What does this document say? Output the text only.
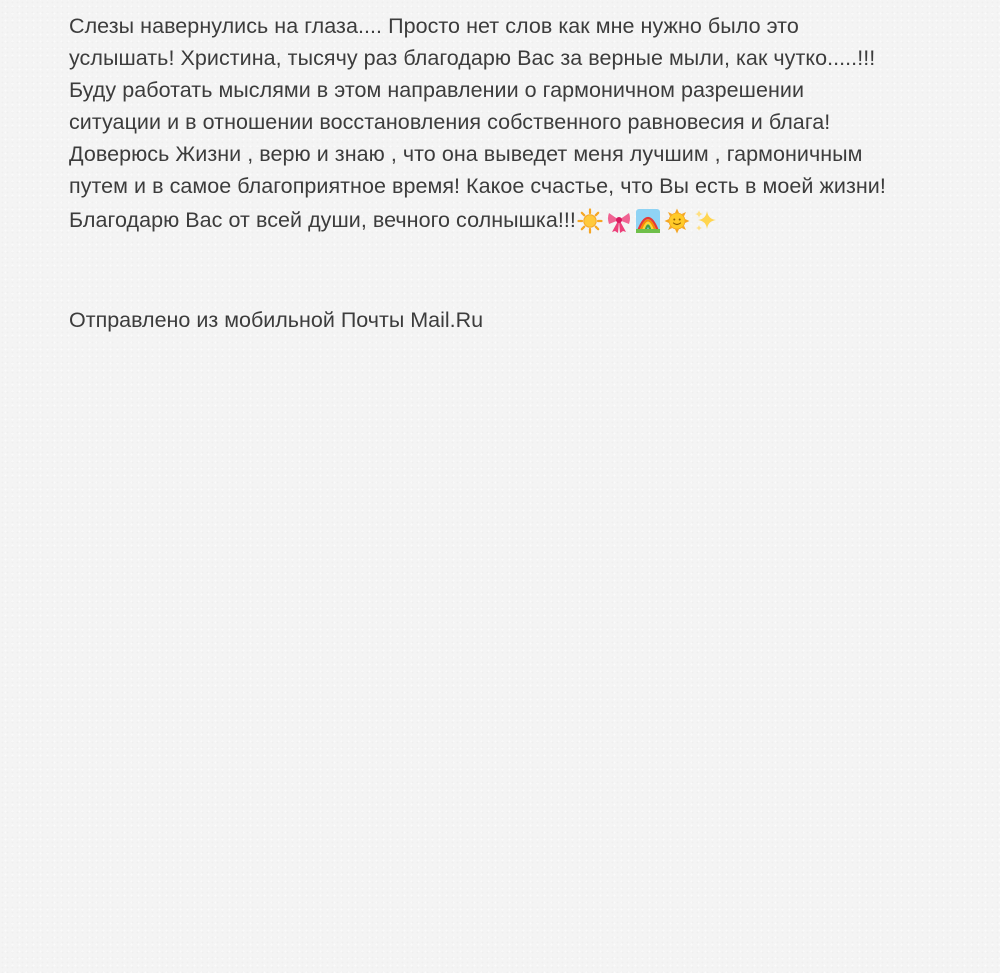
Слезы навернулись на глаза.... Просто нет слов как мне нужно было это
услышать! Христина, тысячу раз благодарю Вас за верные мыли, как чутко.....!!!
Буду работать мыслями в этом направлении о гармоничном разрешении
ситуации и в отношении восстановления собственного равновесия и блага!
Доверюсь Жизни , верю и знаю , что она выведет меня лучшим , гармоничным
путем и в самое благоприятное время! Какое счастье, что Вы есть в моей жизни!
Благодарю Вас от всей души, вечного солнышка!!!
Отправлено из мобильной Почты Mail.Ru
